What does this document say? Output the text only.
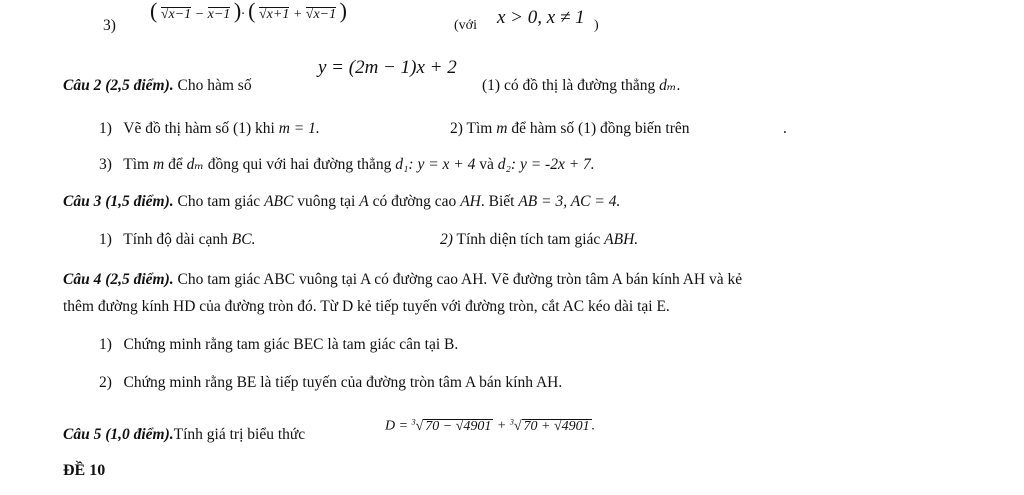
3)
( √x−1 − x−1 )· ( √x+1 + √x−1 )
(với x > 0, x ≠ 1 )
Câu 2 (2,5 điểm). Cho hàm số
y = (2m − 1)x + 2
(1) có đồ thị là đường thẳng dₘ.
1) Vẽ đồ thị hàm số (1) khi m = 1.	2) Tìm m để hàm số (1) đồng biến trên	.
3) Tìm m để dₘ đồng qui với hai đường thẳng d₁: y = x + 4 và d₂: y = -2x + 7.
Câu 3 (1,5 điểm). Cho tam giác ABC vuông tại A có đường cao AH. Biết AB = 3, AC = 4.
1) Tính độ dài cạnh BC.	2) Tính diện tích tam giác ABH.
Câu 4 (2,5 điểm). Cho tam giác ABC vuông tại A có đường cao AH. Vẽ đường tròn tâm A bán kính AH và kẻ
thêm đường kính HD của đường tròn đó. Từ D kẻ tiếp tuyến với đường tròn, cắt AC kéo dài tại E.
1) Chứng minh rằng tam giác BEC là tam giác cân tại B.
2) Chứng minh rằng BE là tiếp tuyến của đường tròn tâm A bán kính AH.
Câu 5 (1,0 điểm).Tính giá trị biểu thức	D = $^3$√ 70 − √4901 + $^3$√ 70 + √4901 .
ĐỀ 10
